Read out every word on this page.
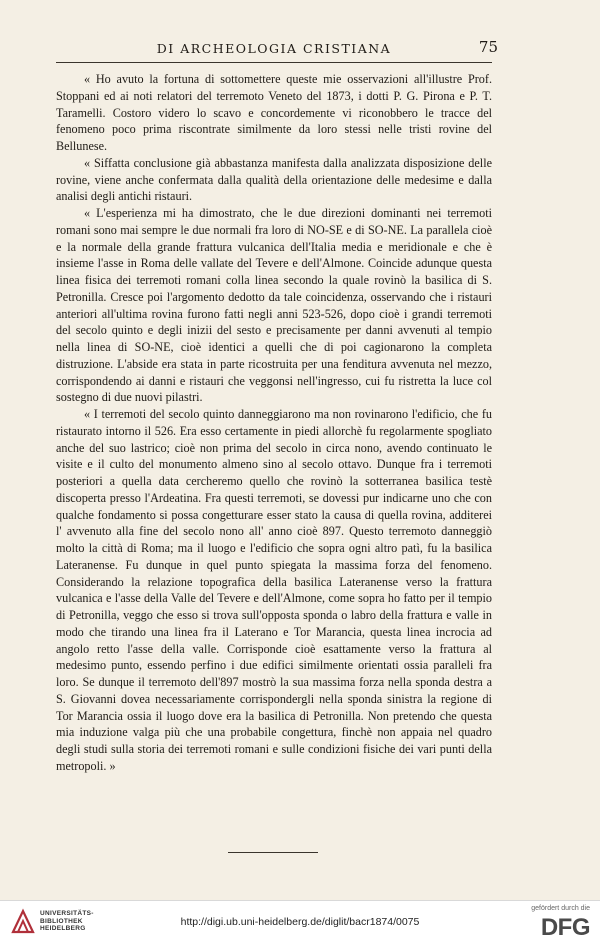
DI ARCHEOLOGIA CRISTIANA	75

« Ho avuto la fortuna di sottomettere queste mie osservazioni all'illustre Prof. Stoppani ed ai noti relatori del terremoto Veneto del 1873, i dotti P. G. Pirona e P. T. Taramelli. Costoro videro lo scavo e concordemente vi riconobbero le tracce del fenomeno poco prima riscontrate similmente da loro stessi nelle tristi rovine del Bellunese.

« Siffatta conclusione già abbastanza manifesta dalla analizzata disposizione delle rovine, viene anche confermata dalla qualità della orientazione delle medesime e dalla analisi degli antichi ristauri.

« L'esperienza mi ha dimostrato, che le due direzioni dominanti nei terremoti romani sono mai sempre le due normali fra loro di NO-SE e di SO-NE. La parallela cioè e la normale della grande frattura vulcanica dell'Italia media e meridionale e che è insieme l'asse in Roma delle vallate del Tevere e dell'Almone. Coincide adunque questa linea fisica dei terremoti romani colla linea secondo la quale rovinò la basilica di S. Petronilla. Cresce poi l'argomento dedotto da tale coincidenza, osservando che i ristauri anteriori all'ultima rovina furono fatti negli anni 523-526, dopo cioè i grandi terremoti del secolo quinto e degli inizii del sesto e precisamente per danni avvenuti al tempio nella linea di SO-NE, cioè identici a quelli che di poi cagionarono la completa distruzione. L'abside era stata in parte ricostruita per una fenditura avvenuta nel mezzo, corrispondendo ai danni e ristauri che veggonsi nell'ingresso, cui fu ristretta la luce col sostegno di due nuovi pilastri.

« I terremoti del secolo quinto danneggiarono ma non rovinarono l'edificio, che fu ristaurato intorno il 526. Era esso certamente in piedi allorchè fu regolarmente spogliato anche del suo lastrico; cioè non prima del secolo in circa nono, avendo continuato le visite e il culto del monumento almeno sino al secolo ottavo. Dunque fra i terremoti posteriori a quella data cercheremo quello che rovinò la sotterranea basilica testè discoperta presso l'Ardeatina. Fra questi terremoti, se dovessi pur indicarne uno che con qualche fondamento si possa congetturare esser stato la causa di quella rovina, additerei l' avvenuto alla fine del secolo nono all' anno cioè 897. Questo terremoto danneggiò molto la città di Roma; ma il luogo e l'edificio che sopra ogni altro patì, fu la basilica Lateranense. Fu dunque in quel punto spiegata la massima forza del fenomeno. Considerando la relazione topografica della basilica Lateranense verso la frattura vulcanica e l'asse della Valle del Tevere e dell'Almone, come sopra ho fatto per il tempio di Petronilla, veggo che esso si trova sull'opposta sponda o labro della frattura e valle in modo che tirando una linea fra il Laterano e Tor Marancia, questa linea incrocia ad angolo retto l'asse della valle. Corrisponde cioè esattamente verso la frattura al medesimo punto, essendo perfino i due edifici similmente orientati ossia paralleli fra loro. Se dunque il terremoto dell'897 mostrò la sua massima forza nella sponda destra a S. Giovanni dovea necessariamente corrispondergli nella sponda sinistra la regione di Tor Marancia ossia il luogo dove era la basilica di Petronilla. Non pretendo che questa mia induzione valga più che una probabile congettura, finchè non appaia nel quadro degli studi sulla storia dei terremoti romani e sulle condizioni fisiche dei vari punti della metropoli. »

UNIVERSITÄTS-
BIBLIOTHEK
HEIDELBERG
http://digi.ub.uni-heidelberg.de/diglit/bacr1874/0075
gefördert durch die
DFG
